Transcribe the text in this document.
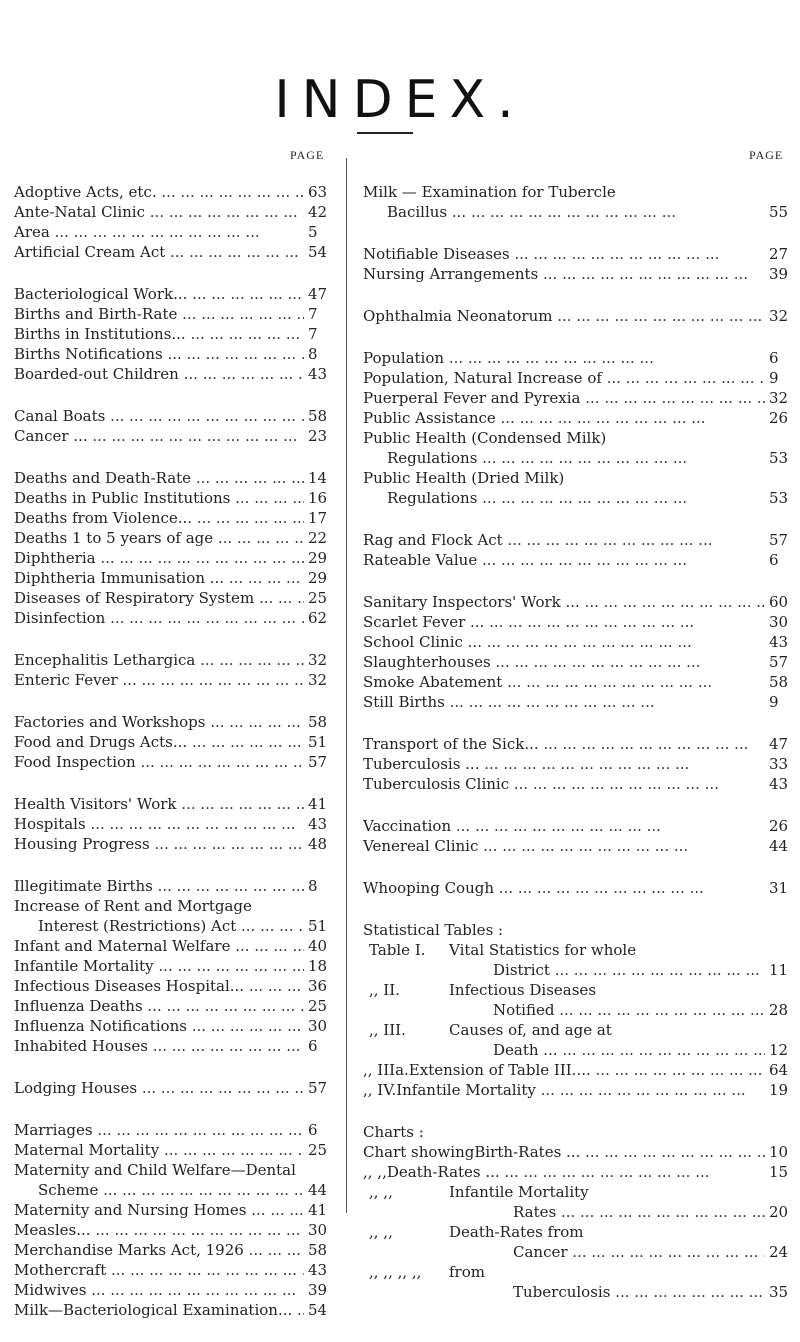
INDEX.
PAGE	PAGE
Adoptive Acts, etc. ...	63
Ante-Natal Clinic ...	42
Area ...	5
Artificial Cream Act ...	54
Bacteriological Work... ...	47
Births and Birth-Rate ...	7
Births in Institutions... ...	7
Births Notifications ... ...	8
Boarded-out Children ...	43
Canal Boats ...	58
Cancer ... ...	23
Deaths and Death-Rate ...	14
Deaths in Public Institutions ...	16
Deaths from Violence... ...	17
Deaths 1 to 5 years of age ...	22
Diphtheria ...	29
Diphtheria Immunisation ... ...	29
Diseases of Respiratory System ...	25
Disinfection ...	62
Encephalitis Lethargica ...	32
Enteric Fever ... ...	32
Factories and Workshops ...	58
Food and Drugs Acts... ...	51
Food Inspection ...	57
Health Visitors' Work ...	41
Hospitals ...	43
Housing Progress ...	48
Illegitimate Births ...	8
Increase of Rent and Mortgage
Interest (Restrictions) Act ...	51
Infant and Maternal Welfare ...	40
Infantile Mortality ...	18
Infectious Diseases Hospital... ...	36
Influenza Deaths ...	25
Influenza Notifications ...	30
Inhabited Houses ...	6
Lodging Houses ...	57
Marriages ...	6
Maternal Mortality ...	25
Maternity and Child Welfare—Dental
Scheme ...	44
Maternity and Nursing Homes ...	41
Measles... ...	30
Merchandise Marks Act, 1926 ...	58
Mothercraft ...	43
Midwives ...	39
Milk—Bacteriological Examination... ...	54
Milk — Examination for Tubercle
Bacillus ... ...	55
Notifiable Diseases ...	27
Nursing Arrangements ...	39
Ophthalmia Neonatorum ...	32
Population ...	6
Population, Natural Increase of ...	9
Puerperal Fever and Pyrexia ...	32
Public Assistance ...	26
Public Health (Condensed Milk)
Regulations ...	53
Public Health (Dried Milk)
Regulations ...	53
Rag and Flock Act ...	57
Rateable Value ...	6
Sanitary Inspectors' Work ... ...	60
Scarlet Fever ... ...	30
School Clinic ... ...	43
Slaughterhouses ...	57
Smoke Abatement ...	58
Still Births ...	9
Transport of the Sick... ...	47
Tuberculosis ... ...	33
Tuberculosis Clinic ...	43
Vaccination ...	26
Venereal Clinic ...	44
Whooping Cough ...	31
Statistical Tables :
Table I.	Vital Statistics for whole
District ...	11
,, II.	Infectious Diseases
Notified ...	28
,, III.	Causes of, and age at
Death ... ...	12
,, IIIa. Extension of Table III.... ...	64
,, IV. Infantile Mortality ...	19
Charts :
Chart showing Birth-Rates ... ...	10
,, ,, Death-Rates ... ...	15
,, ,,	Infantile Mortality
Rates ...	20
,, ,,	Death-Rates from
Cancer ...	24
,, ,, ,, ,,	from
Tuberculosis ...	35
